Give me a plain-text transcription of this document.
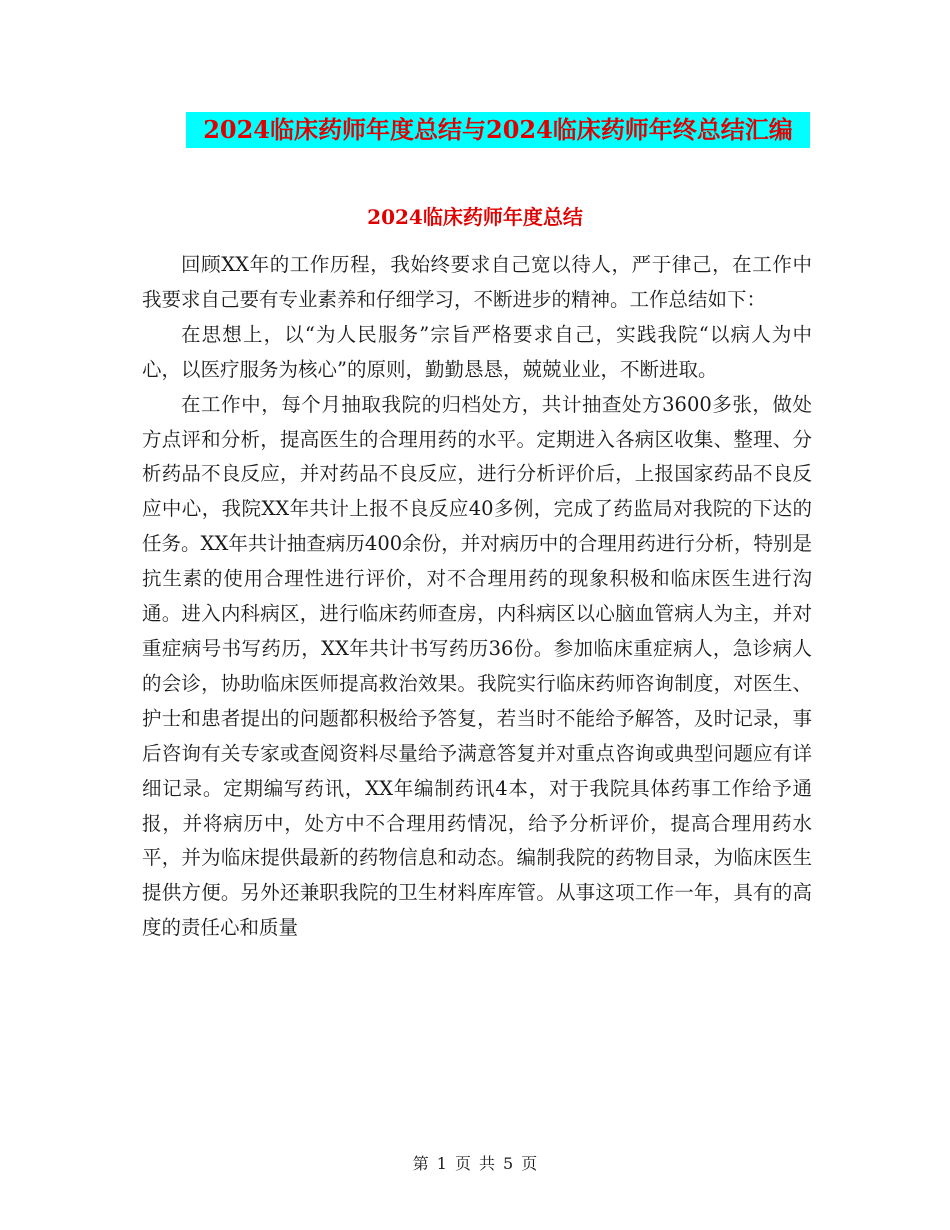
2024临床药师年度总结与2024临床药师年终总结汇编
2024临床药师年度总结

回顾XX年的工作历程，我始终要求自己宽以待人，严于律己，在工作中我要求自己要有专业素养和仔细学习，不断进步的精神。工作总结如下：

在思想上，以“为人民服务”宗旨严格要求自己，实践我院“以病人为中心，以医疗服务为核心”的原则，勤勤恳恳，兢兢业业，不断进取。

在工作中，每个月抽取我院的归档处方，共计抽查处方3600多张，做处方点评和分析，提高医生的合理用药的水平。定期进入各病区收集、整理、分析药品不良反应，并对药品不良反应，进行分析评价后，上报国家药品不良反应中心，我院XX年共计上报不良反应40多例，完成了药监局对我院的下达的任务。XX年共计抽查病历400余份，并对病历中的合理用药进行分析，特别是抗生素的使用合理性进行评价，对不合理用药的现象积极和临床医生进行沟通。进入内科病区，进行临床药师查房，内科病区以心脑血管病人为主，并对重症病号书写药历，XX年共计书写药历36份。参加临床重症病人，急诊病人的会诊，协助临床医师提高救治效果。我院实行临床药师咨询制度，对医生、护士和患者提出的问题都积极给予答复，若当时不能给予解答，及时记录，事后咨询有关专家或查阅资料尽量给予满意答复并对重点咨询或典型问题应有详细记录。定期编写药讯，XX年编制药讯4本，对于我院具体药事工作给予通报，并将病历中，处方中不合理用药情况，给予分析评价，提高合理用药水平，并为临床提供最新的药物信息和动态。编制我院的药物目录，为临床医生提供方便。另外还兼职我院的卫生材料库库管。从事这项工作一年，具有的高度的责任心和质量

第 1 页 共 5 页
